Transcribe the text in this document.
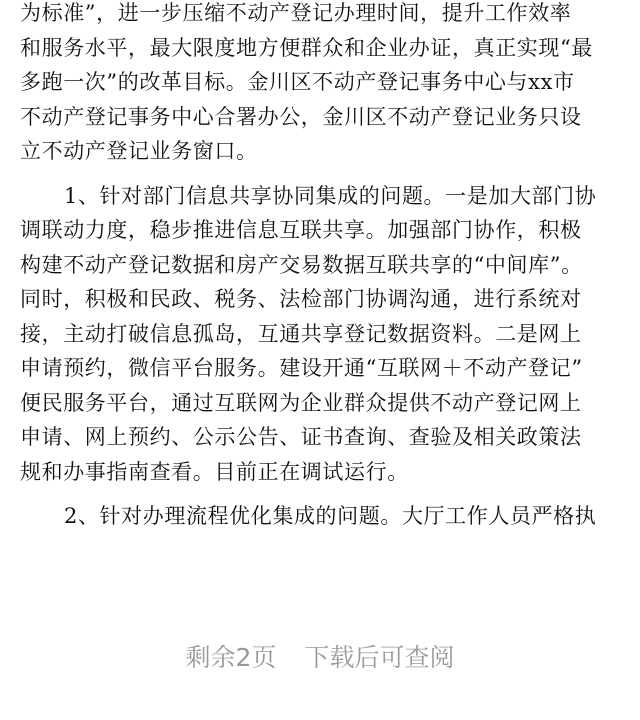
为标准”，进一步压缩不动产登记办理时间，提升工作效率
和服务水平，最大限度地方便群众和企业办证，真正实现“最
多跑一次”的改革目标。金川区不动产登记事务中心与xx市
不动产登记事务中心合署办公，金川区不动产登记业务只设
立不动产登记业务窗口。
1、针对部门信息共享协同集成的问题。一是加大部门协
调联动力度，稳步推进信息互联共享。加强部门协作，积极
构建不动产登记数据和房产交易数据互联共享的“中间库”。
同时，积极和民政、税务、法检部门协调沟通，进行系统对
接，主动打破信息孤岛，互通共享登记数据资料。二是网上
申请预约，微信平台服务。建设开通“互联网＋不动产登记”
便民服务平台，通过互联网为企业群众提供不动产登记网上
申请、网上预约、公示公告、证书查询、查验及相关政策法
规和办事指南查看。目前正在调试运行。
2、针对办理流程优化集成的问题。大厅工作人员严格执
剩余2页 下载后可查阅
